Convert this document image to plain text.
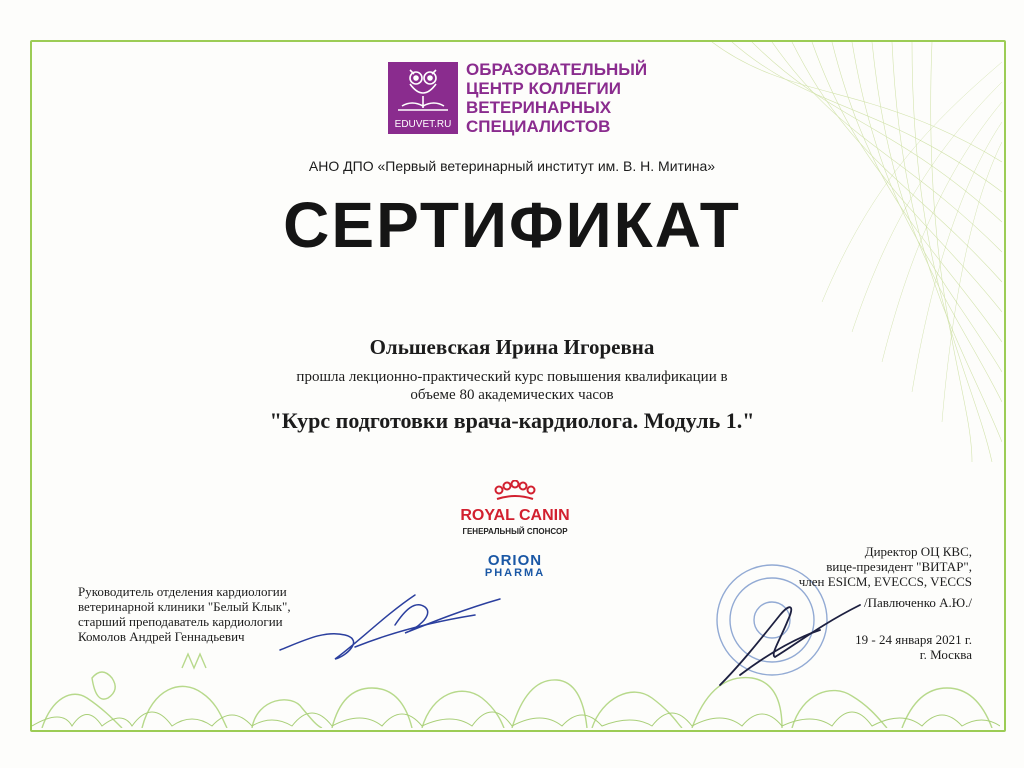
EDUVET.RU
ОБРАЗОВАТЕЛЬНЫЙ
ЦЕНТР КОЛЛЕГИИ
ВЕТЕРИНАРНЫХ
СПЕЦИАЛИСТОВ
АНО ДПО «Первый ветеринарный институт им. В. Н. Митина»
СЕРТИФИКАТ
Ольшевская Ирина Игоревна
прошла лекционно-практический курс повышения квалификации в
объеме 80 академических часов
"Курс подготовки врача-кардиолога. Модуль 1."
ROYAL CANIN
ГЕНЕРАЛЬНЫЙ СПОНСОР
ORION
PHARMA
Руководитель отделения кардиологии
ветеринарной клиники "Белый Клык",
старший преподаватель кардиологии
Комолов Андрей Геннадьевич
Директор ОЦ КВС,
вице-президент "ВИТАР",
член ESICM, EVECCS, VECCS
/Павлюченко А.Ю./
19 - 24 января 2021 г.
г. Москва
